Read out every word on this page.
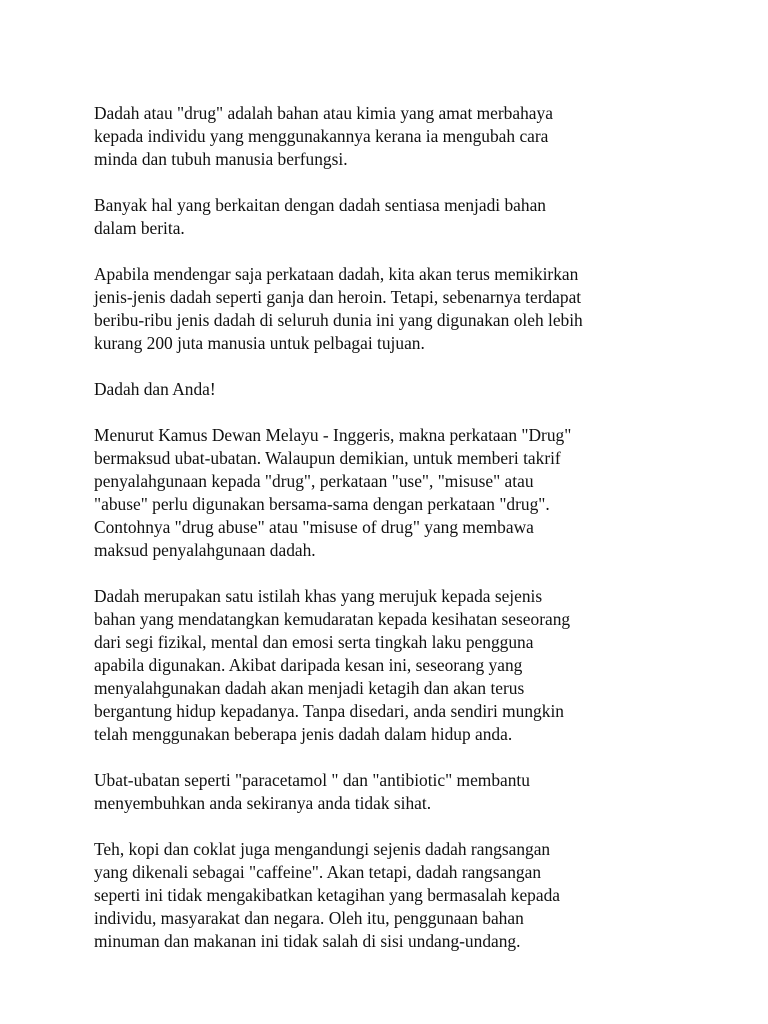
Dadah atau "drug" adalah bahan atau kimia yang amat merbahaya
kepada individu yang menggunakannya kerana ia mengubah cara
minda dan tubuh manusia berfungsi.

Banyak hal yang berkaitan dengan dadah sentiasa menjadi bahan
dalam berita.

Apabila mendengar saja perkataan dadah, kita akan terus memikirkan
jenis-jenis dadah seperti ganja dan heroin. Tetapi, sebenarnya terdapat
beribu-ribu jenis dadah di seluruh dunia ini yang digunakan oleh lebih
kurang 200 juta manusia untuk pelbagai tujuan.

Dadah dan Anda!

Menurut Kamus Dewan Melayu - Inggeris, makna perkataan "Drug"
bermaksud ubat-ubatan. Walaupun demikian, untuk memberi takrif
penyalahgunaan kepada "drug", perkataan "use", "misuse" atau
"abuse" perlu digunakan bersama-sama dengan perkataan "drug".
Contohnya "drug abuse" atau "misuse of drug" yang membawa
maksud penyalahgunaan dadah.

Dadah merupakan satu istilah khas yang merujuk kepada sejenis
bahan yang mendatangkan kemudaratan kepada kesihatan seseorang
dari segi fizikal, mental dan emosi serta tingkah laku pengguna
apabila digunakan. Akibat daripada kesan ini, seseorang yang
menyalahgunakan dadah akan menjadi ketagih dan akan terus
bergantung hidup kepadanya. Tanpa disedari, anda sendiri mungkin
telah menggunakan beberapa jenis dadah dalam hidup anda.

Ubat-ubatan seperti "paracetamol " dan "antibiotic" membantu
menyembuhkan anda sekiranya anda tidak sihat.

Teh, kopi dan coklat juga mengandungi sejenis dadah rangsangan
yang dikenali sebagai "caffeine". Akan tetapi, dadah rangsangan
seperti ini tidak mengakibatkan ketagihan yang bermasalah kepada
individu, masyarakat dan negara. Oleh itu, penggunaan bahan
minuman dan makanan ini tidak salah di sisi undang-undang.
